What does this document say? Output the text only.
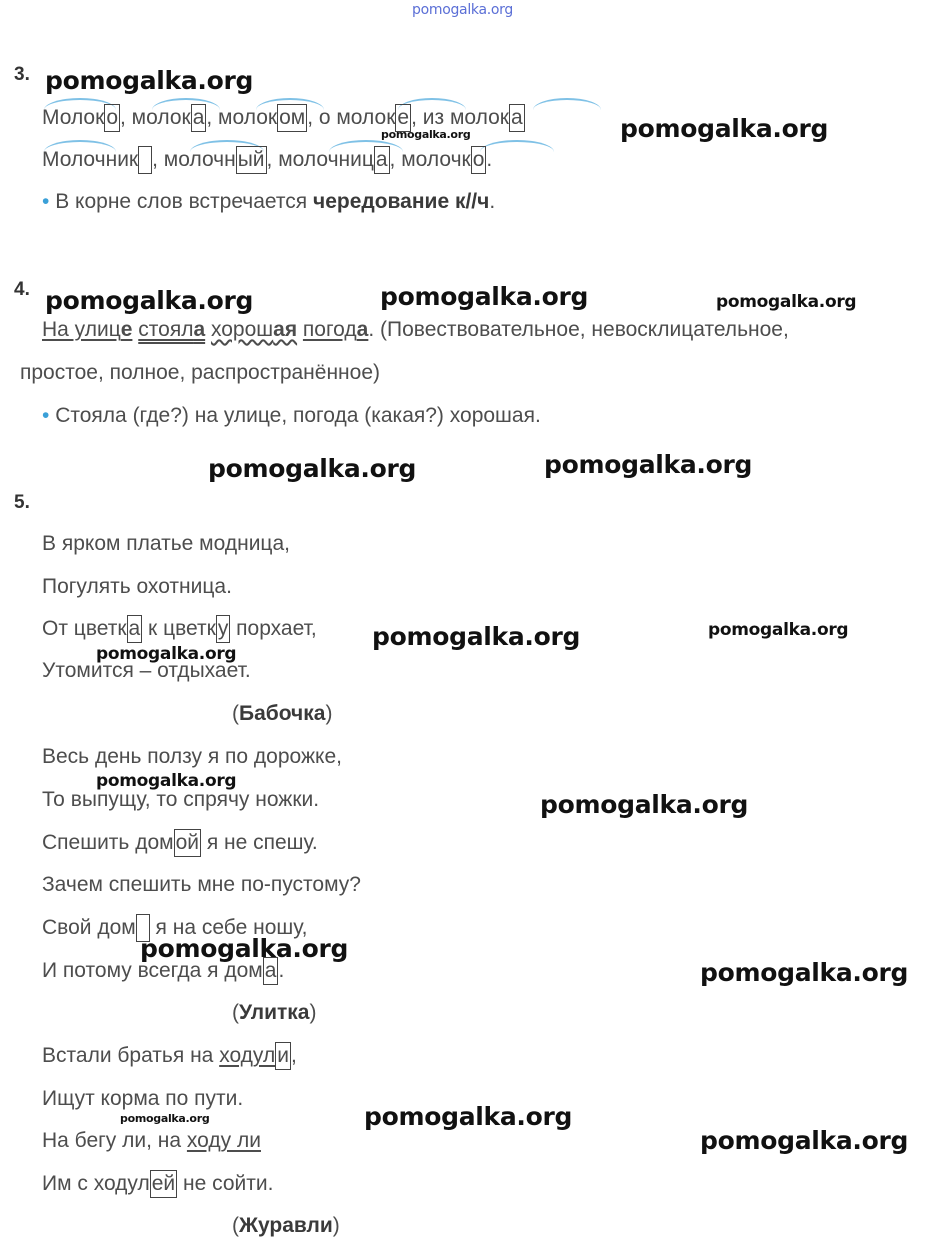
pomogalka.org
3.
Молоко, молока, молоком, о молоке, из молока
Молочник , молочный, молочница, молочко.
• В корне слов встречается чередование к//ч.
4.
На улице стояла хорошая погода. (Повествовательное, невосклицательное,
простое, полное, распространённое)
• Стояла (где?) на улице, погода (какая?) хорошая.
5.
В ярком платье модница,
Погулять охотница.
От цветка к цветку порхает,
Утомится – отдыхает.
(Бабочка)
Весь день ползу я по дорожке,
То выпущу, то спрячу ножки.
Спешить домой я не спешу.
Зачем спешить мне по-пустому?
Свой дом я на себе ношу,
И потому всегда я дома.
(Улитка)
Встали братья на ходули,
Ищут корма по пути.
На бегу ли, на ходу ли
Им с ходулей не сойти.
(Журавли)
pomogalka.org
pomogalka.org	pomogalka.org
pomogalka.org	pomogalka.org	pomogalka.org
pomogalka.org	pomogalka.org
pomogalka.org	pomogalka.org
pomogalka.org
pomogalka.org
pomogalka.org
pomogalka.org
pomogalka.org
pomogalka.org
pomogalka.org
pomogalka.org
